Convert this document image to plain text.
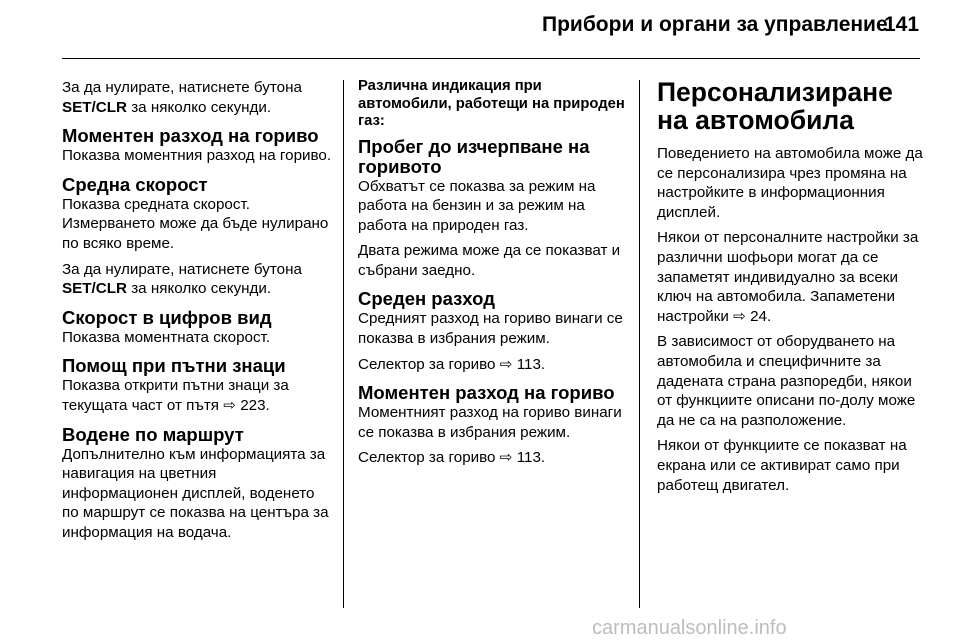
Прибори и органи за управление
141

За да нулирате, натиснете бутона SET/CLR за няколко секунди.

Моментен разход на гориво

Показва моментния разход на гориво.

Средна скорост

Показва средната скорост. Измерването може да бъде нулирано по всяко време.

За да нулирате, натиснете бутона SET/CLR за няколко секунди.

Скорост в цифров вид

Показва моментната скорост.

Помощ при пътни знаци

Показва открити пътни знаци за текущата част от пътя ⇨ 223.

Водене по маршрут

Допълнително към информацията за навигация на цветния информационен дисплей, воденето по маршрут се показва на центъра за информация на водача.

Различна индикация при автомобили, работещи на природен газ:
Пробег до изчерпване на горивото

Обхватът се показва за режим на работа на бензин и за режим на работа на природен газ.

Двата режима може да се показват и събрани заедно.

Среден разход

Средният разход на гориво винаги се показва в избрания режим.

Селектор за гориво ⇨ 113.

Моментен разход на гориво

Моментният разход на гориво винаги се показва в избрания режим.

Селектор за гориво ⇨ 113.

Персонализиране на автомобила

Поведението на автомобила може да се персонализира чрез промяна на настройките в информационния дисплей.

Някои от персоналните настройки за различни шофьори могат да се запаметят индивидуално за всеки ключ на автомобила. Запаметени настройки ⇨ 24.

В зависимост от оборудването на автомобила и специфичните за дадената страна разпоредби, някои от функциите описани по-долу може да не са на разположение.

Някои от функциите се показват на екрана или се активират само при работещ двигател.

carmanualsonline.info
